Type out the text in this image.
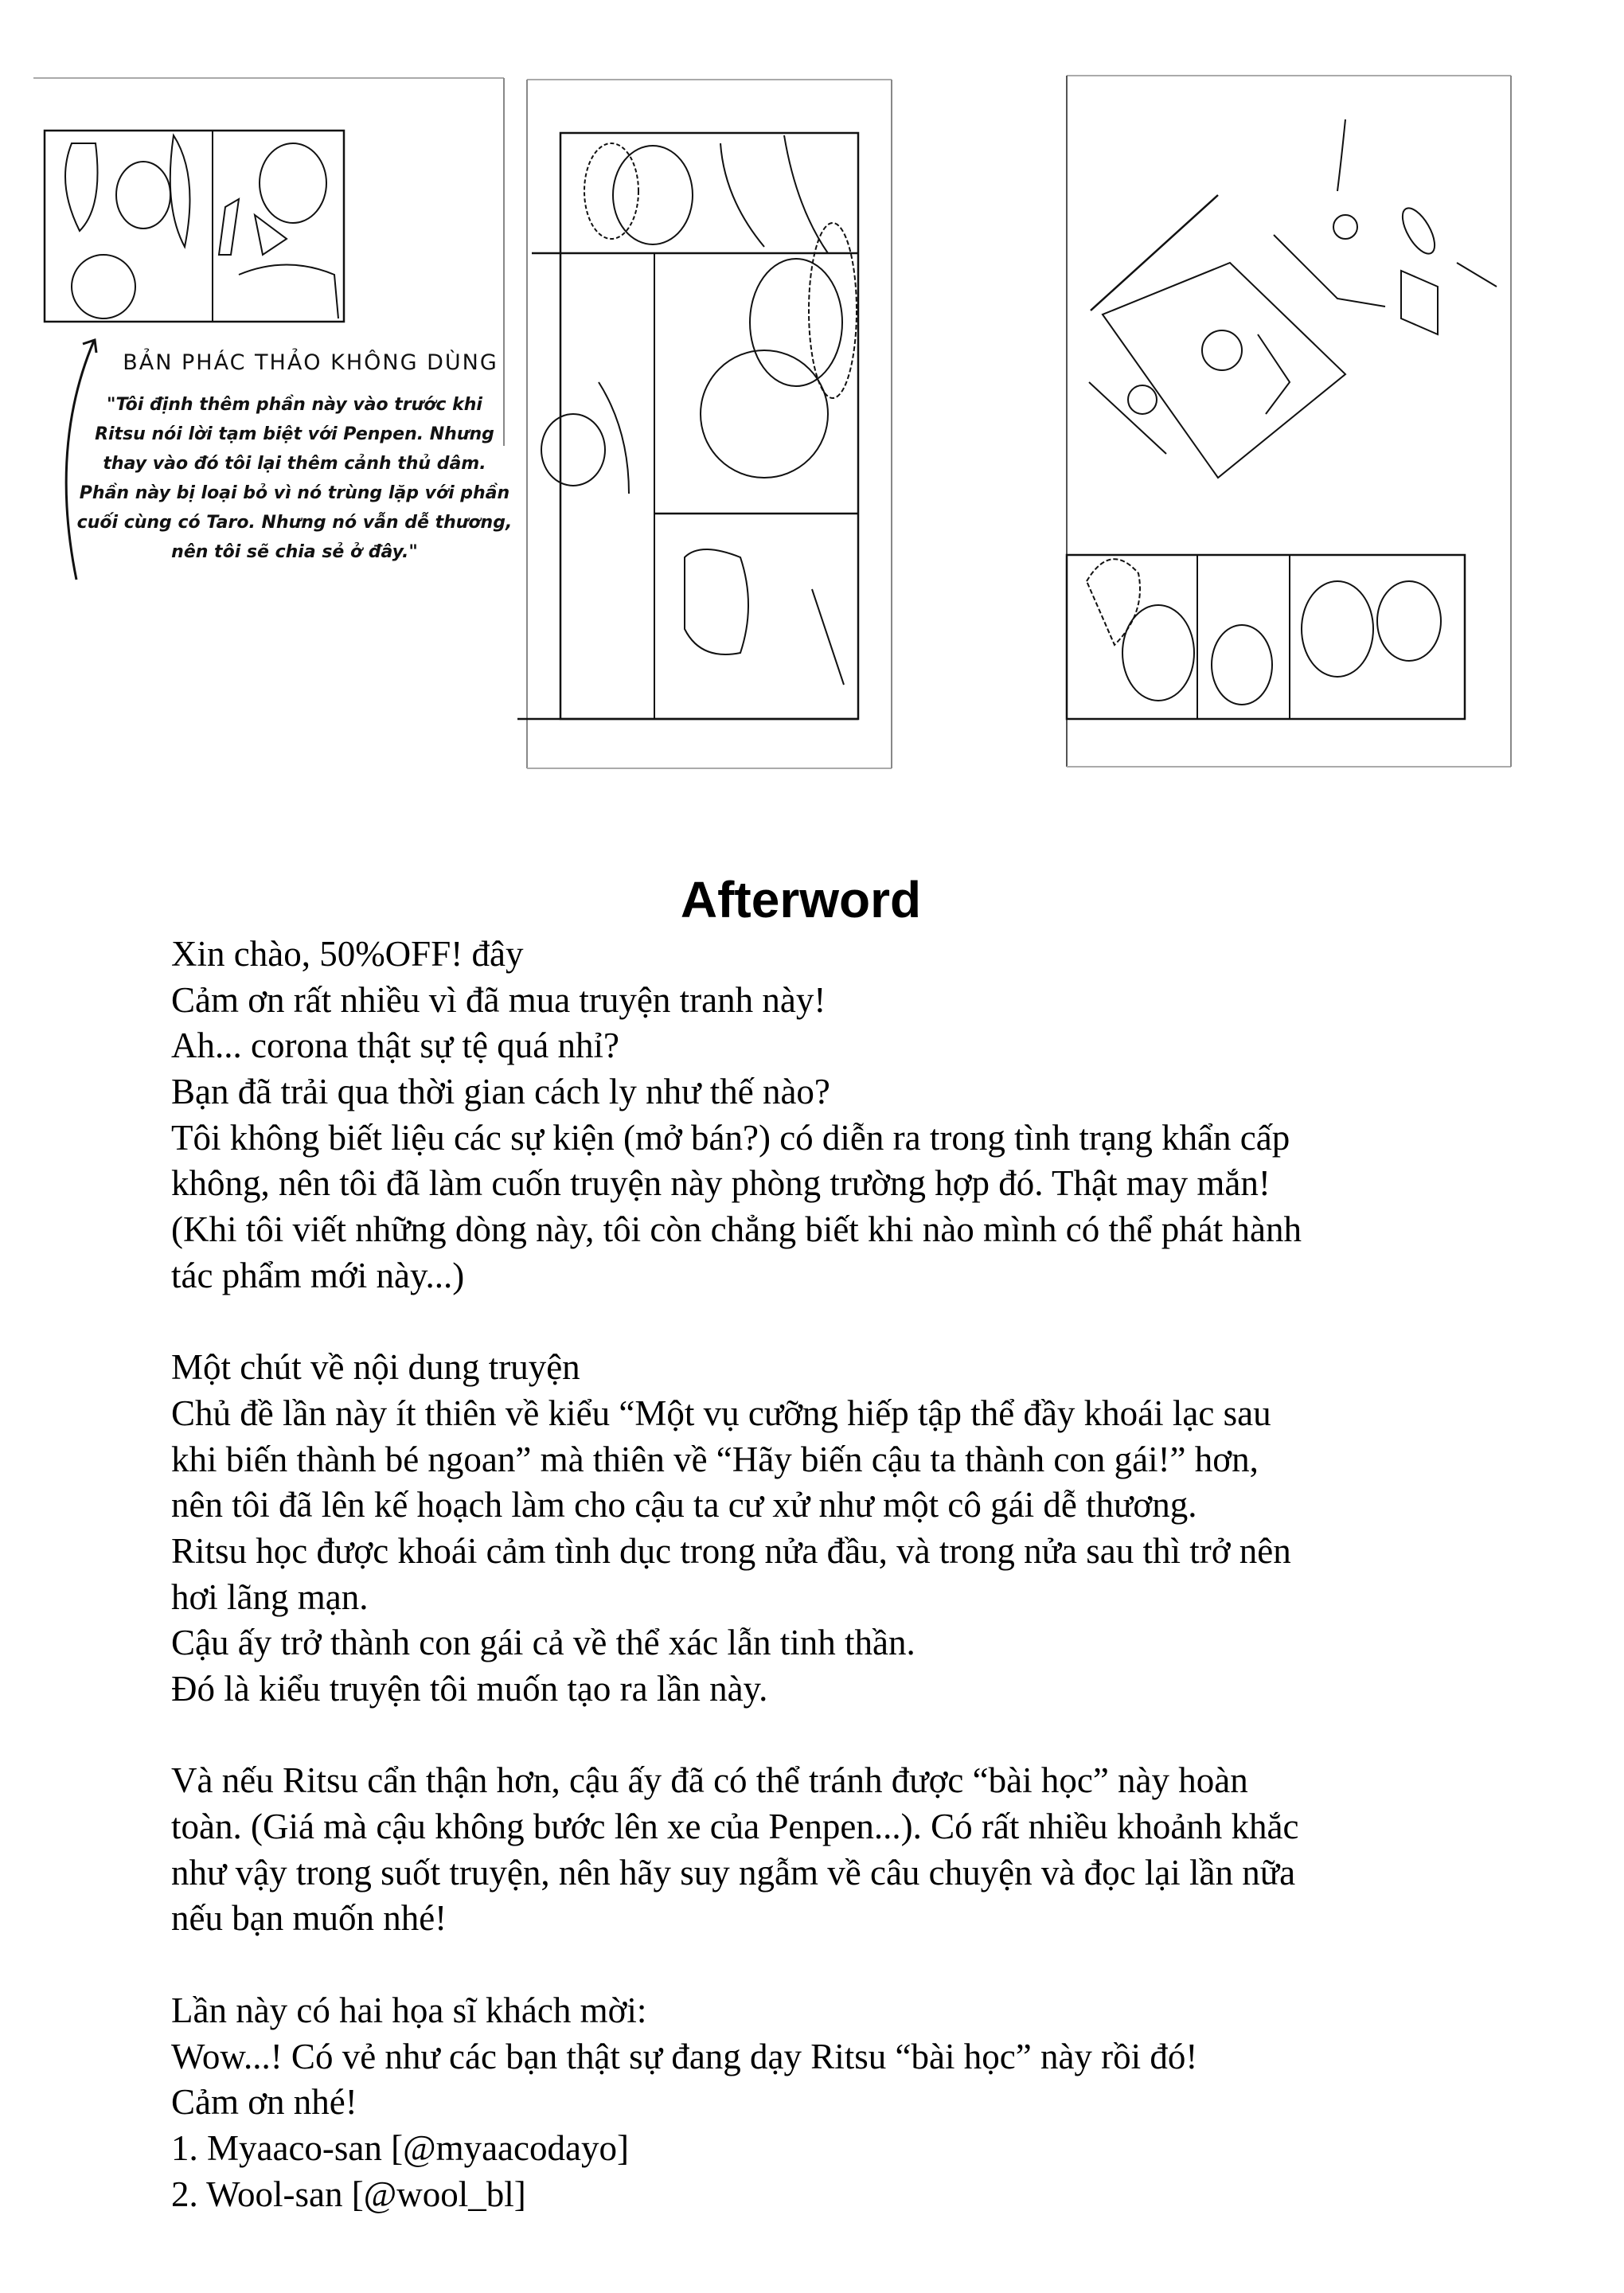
BẢN PHÁC THẢO KHÔNG DÙNG
"Tôi định thêm phần này vào trước khi
Ritsu nói lời tạm biệt với Penpen. Nhưng
thay vào đó tôi lại thêm cảnh thủ dâm.
Phần này bị loại bỏ vì nó trùng lặp với phần
cuối cùng có Taro. Nhưng nó vẫn dễ thương,
nên tôi sẽ chia sẻ ở đây."
Afterword
Xin chào, 50%OFF! đây
Cảm ơn rất nhiều vì đã mua truyện tranh này!
Ah... corona thật sự tệ quá nhỉ?
Bạn đã trải qua thời gian cách ly như thế nào?
Tôi không biết liệu các sự kiện (mở bán?) có diễn ra trong tình trạng khẩn cấp
không, nên tôi đã làm cuốn truyện này phòng trường hợp đó. Thật may mắn!
(Khi tôi viết những dòng này, tôi còn chẳng biết khi nào mình có thể phát hành
tác phẩm mới này...)
Một chút về nội dung truyện
Chủ đề lần này ít thiên về kiểu “Một vụ cưỡng hiếp tập thể đầy khoái lạc sau
khi biến thành bé ngoan” mà thiên về “Hãy biến cậu ta thành con gái!” hơn,
nên tôi đã lên kế hoạch làm cho cậu ta cư xử như một cô gái dễ thương.
Ritsu học được khoái cảm tình dục trong nửa đầu, và trong nửa sau thì trở nên
hơi lãng mạn.
Cậu ấy trở thành con gái cả về thể xác lẫn tinh thần.
Đó là kiểu truyện tôi muốn tạo ra lần này.
Và nếu Ritsu cẩn thận hơn, cậu ấy đã có thể tránh được “bài học” này hoàn
toàn. (Giá mà cậu không bước lên xe của Penpen...). Có rất nhiều khoảnh khắc
như vậy trong suốt truyện, nên hãy suy ngẫm về câu chuyện và đọc lại lần nữa
nếu bạn muốn nhé!
Lần này có hai họa sĩ khách mời:
Wow...! Có vẻ như các bạn thật sự đang dạy Ritsu “bài học” này rồi đó!
Cảm ơn nhé!
1. Myaaco-san [@myaacodayo]
2. Wool-san [@wool_bl]
